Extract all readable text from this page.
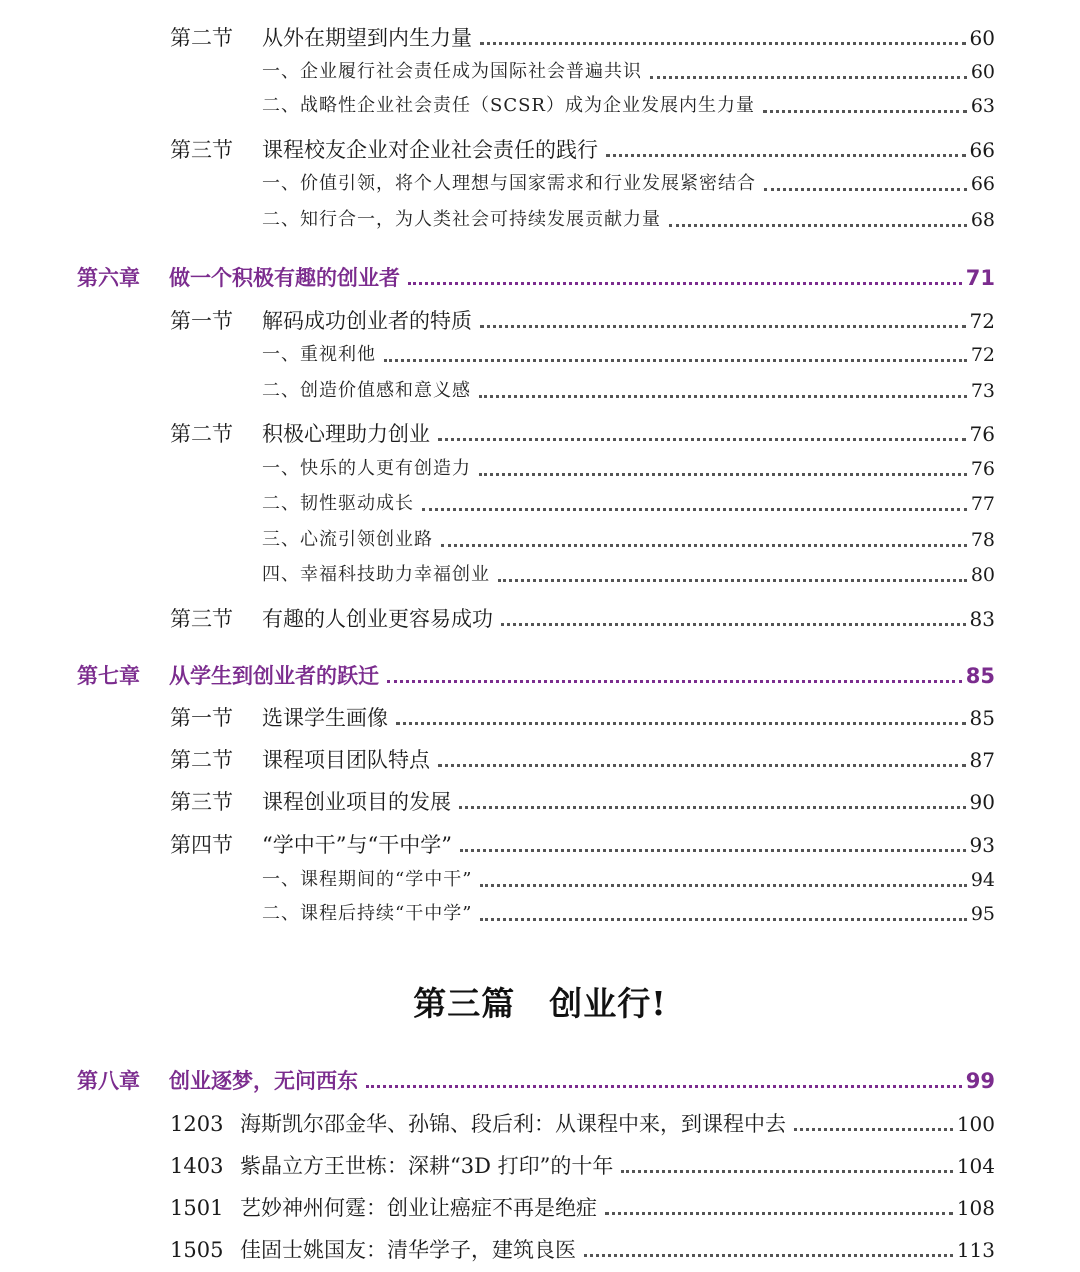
第二节	从外在期望到内生力量	60
一、企业履行社会责任成为国际社会普遍共识	60
二、战略性企业社会责任（SCSR）成为企业发展内生力量	63
第三节	课程校友企业对企业社会责任的践行	66
一、价值引领，将个人理想与国家需求和行业发展紧密结合	66
二、知行合一，为人类社会可持续发展贡献力量	68
第六章	做一个积极有趣的创业者	71
第一节	解码成功创业者的特质	72
一、重视利他	72
二、创造价值感和意义感	73
第二节	积极心理助力创业	76
一、快乐的人更有创造力	76
二、韧性驱动成长	77
三、心流引领创业路	78
四、幸福科技助力幸福创业	80
第三节	有趣的人创业更容易成功	83
第七章	从学生到创业者的跃迁	85
第一节	选课学生画像	85
第二节	课程项目团队特点	87
第三节	课程创业项目的发展	90
第四节	“学中干”与“干中学”	93
一、课程期间的“学中干”	94
二、课程后持续“干中学”	95
第八章	创业逐梦，无问西东	99
1203 海斯凯尔邵金华、孙锦、段后利：从课程中来，到课程中去	100
1403 紫晶立方王世栋：深耕“3D 打印”的十年	104
1501 艺妙神州何霆：创业让癌症不再是绝症	108
1505 佳固士姚国友：清华学子，建筑良医	113
第三篇　创业行!
